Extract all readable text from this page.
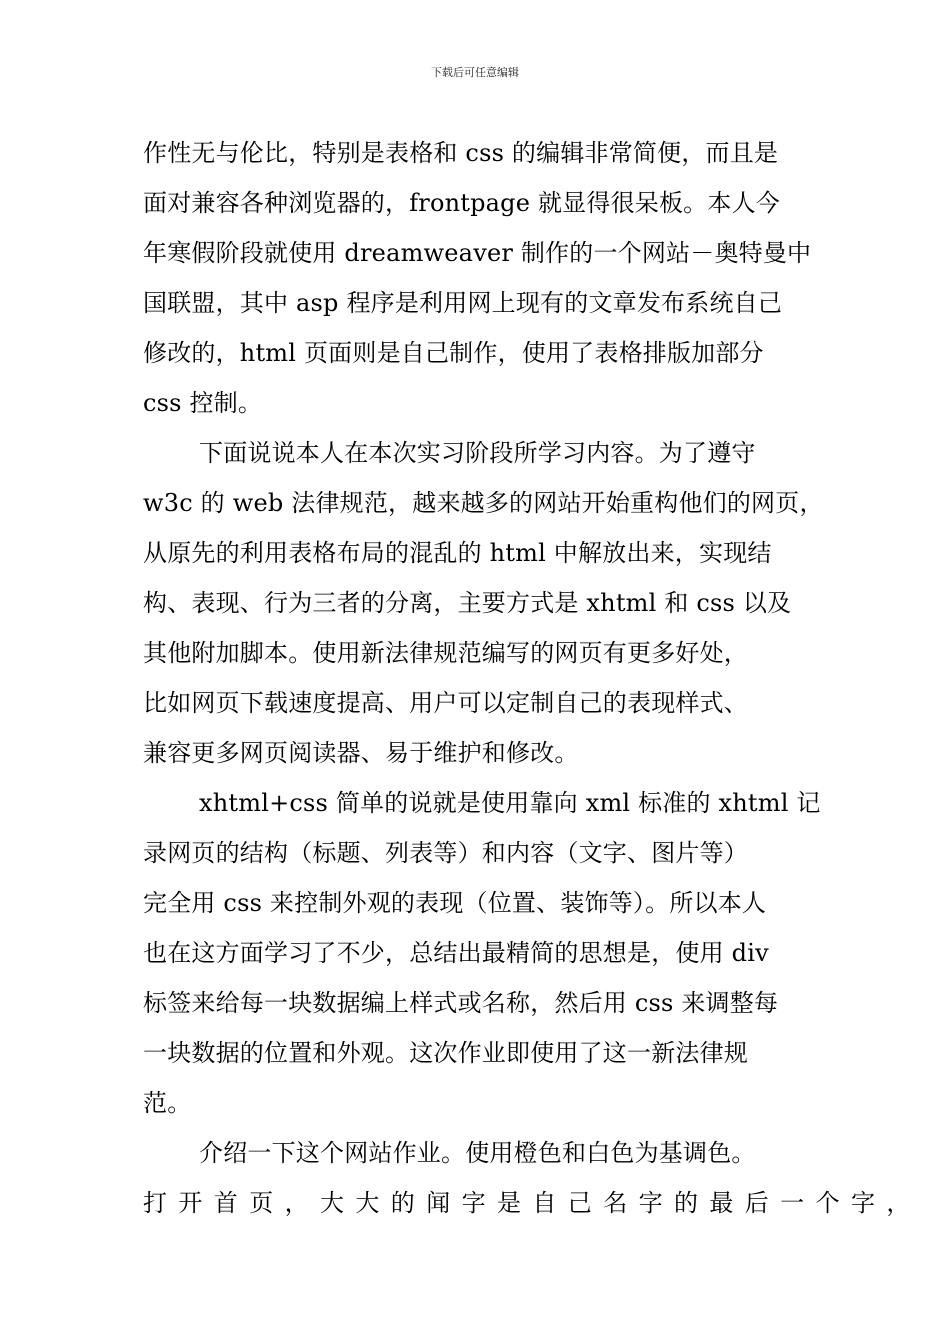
下载后可任意编辑
作性无与伦比，特别是表格和 css 的编辑非常简便，而且是
面对兼容各种浏览器的，frontpage 就显得很呆板。本人今
年寒假阶段就使用 dreamweaver 制作的一个网站－奥特曼中
国联盟，其中 asp 程序是利用网上现有的文章发布系统自己
修改的，html 页面则是自己制作，使用了表格排版加部分
css 控制。
下面说说本人在本次实习阶段所学习内容。为了遵守
w3c 的 web 法律规范，越来越多的网站开始重构他们的网页，
从原先的利用表格布局的混乱的 html 中解放出来，实现结
构、表现、行为三者的分离，主要方式是 xhtml 和 css 以及
其他附加脚本。使用新法律规范编写的网页有更多好处，
比如网页下载速度提高、用户可以定制自己的表现样式、
兼容更多网页阅读器、易于维护和修改。
xhtml+css 简单的说就是使用靠向 xml 标准的 xhtml 记
录网页的结构（标题、列表等）和内容（文字、图片等）
完全用 css 来控制外观的表现（位置、装饰等）。所以本人
也在这方面学习了不少，总结出最精简的思想是，使用 div
标签来给每一块数据编上样式或名称，然后用 css 来调整每
一块数据的位置和外观。这次作业即使用了这一新法律规
范。
介绍一下这个网站作业。使用橙色和白色为基调色。
打开首页，大大的闻字是自己名字的最后一个字，
